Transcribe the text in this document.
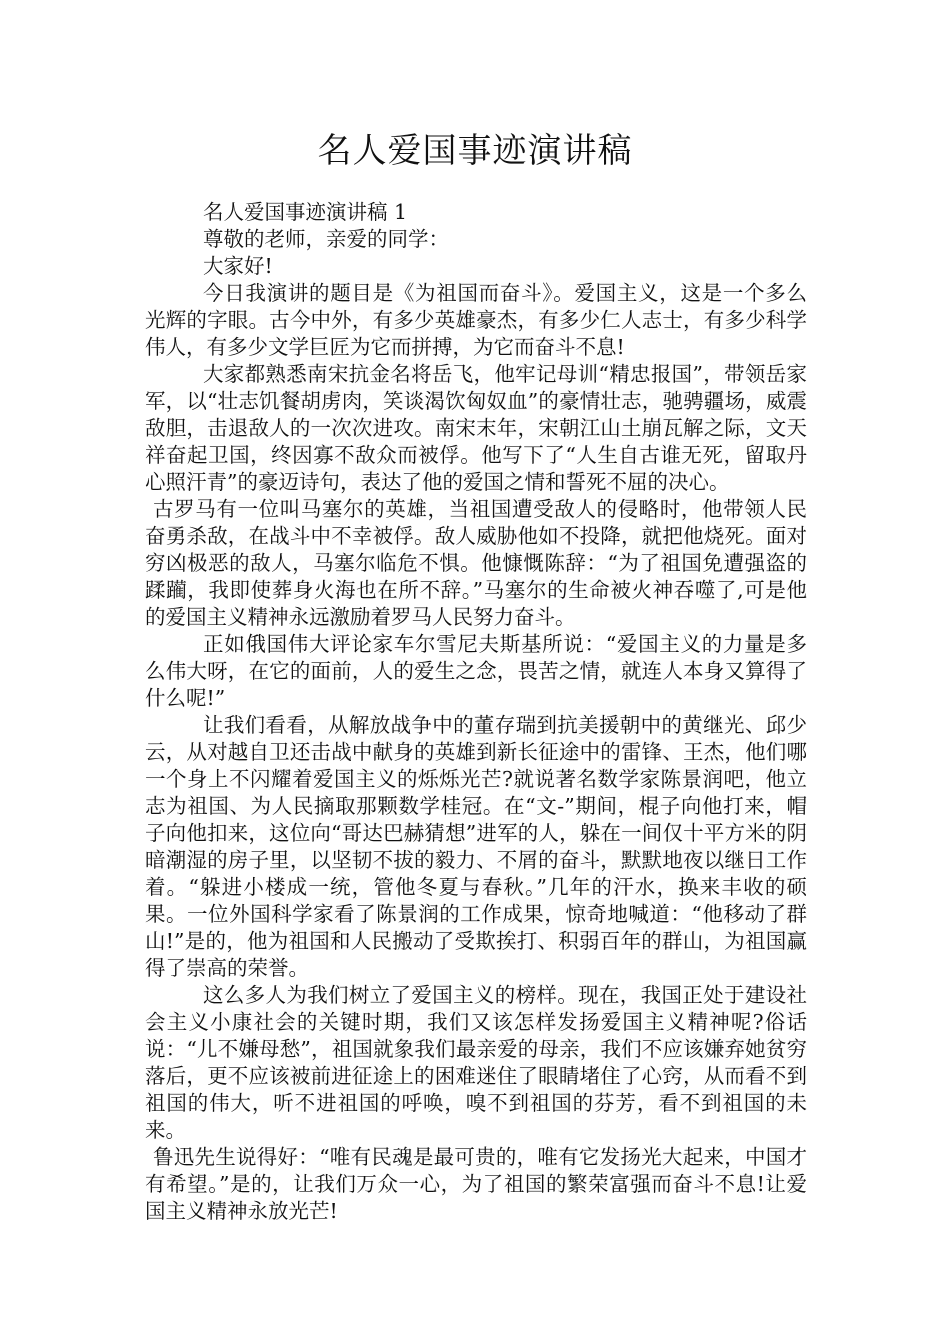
名人爱国事迹演讲稿

名人爱国事迹演讲稿 1

尊敬的老师，亲爱的同学：

大家好!

今日我演讲的题目是《为祖国而奋斗》。爱国主义，这是一个多么光辉的字眼。古今中外，有多少英雄豪杰，有多少仁人志士，有多少科学伟人，有多少文学巨匠为它而拼搏，为它而奋斗不息!

大家都熟悉南宋抗金名将岳飞，他牢记母训“精忠报国”，带领岳家军，以“壮志饥餐胡虏肉，笑谈渴饮匈奴血”的豪情壮志，驰骋疆场，威震敌胆，击退敌人的一次次进攻。南宋末年，宋朝江山土崩瓦解之际，文天祥奋起卫国，终因寡不敌众而被俘。他写下了“人生自古谁无死，留取丹心照汗青”的豪迈诗句，表达了他的爱国之情和誓死不屈的决心。

古罗马有一位叫马塞尔的英雄，当祖国遭受敌人的侵略时，他带领人民奋勇杀敌，在战斗中不幸被俘。敌人威胁他如不投降，就把他烧死。面对穷凶极恶的敌人，马塞尔临危不惧。他慷慨陈辞：“为了祖国免遭强盗的蹂躏，我即使葬身火海也在所不辞。”马塞尔的生命被火神吞噬了,可是他的爱国主义精神永远激励着罗马人民努力奋斗。

正如俄国伟大评论家车尔雪尼夫斯基所说：“爱国主义的力量是多么伟大呀，在它的面前，人的爱生之念，畏苦之情，就连人本身又算得了什么呢!”

让我们看看，从解放战争中的董存瑞到抗美援朝中的黄继光、邱少云，从对越自卫还击战中献身的英雄到新长征途中的雷锋、王杰，他们哪一个身上不闪耀着爱国主义的烁烁光芒?就说著名数学家陈景润吧，他立志为祖国、为人民摘取那颗数学桂冠。在“文-”期间，棍子向他打来，帽子向他扣来，这位向“哥达巴赫猜想”进军的人，躲在一间仅十平方米的阴暗潮湿的房子里，以坚韧不拔的毅力、不屑的奋斗，默默地夜以继日工作着。“躲进小楼成一统，管他冬夏与春秋。”几年的汗水，换来丰收的硕果。一位外国科学家看了陈景润的工作成果，惊奇地喊道：“他移动了群山!”是的，他为祖国和人民搬动了受欺挨打、积弱百年的群山，为祖国赢得了崇高的荣誉。

这么多人为我们树立了爱国主义的榜样。现在，我国正处于建设社会主义小康社会的关键时期，我们又该怎样发扬爱国主义精神呢?俗话说：“儿不嫌母愁”，祖国就象我们最亲爱的母亲，我们不应该嫌弃她贫穷落后，更不应该被前进征途上的困难迷住了眼睛堵住了心窍，从而看不到祖国的伟大，听不进祖国的呼唤，嗅不到祖国的芬芳，看不到祖国的未来。

鲁迅先生说得好：“唯有民魂是最可贵的，唯有它发扬光大起来，中国才有希望。”是的，让我们万众一心，为了祖国的繁荣富强而奋斗不息!让爱国主义精神永放光芒!
